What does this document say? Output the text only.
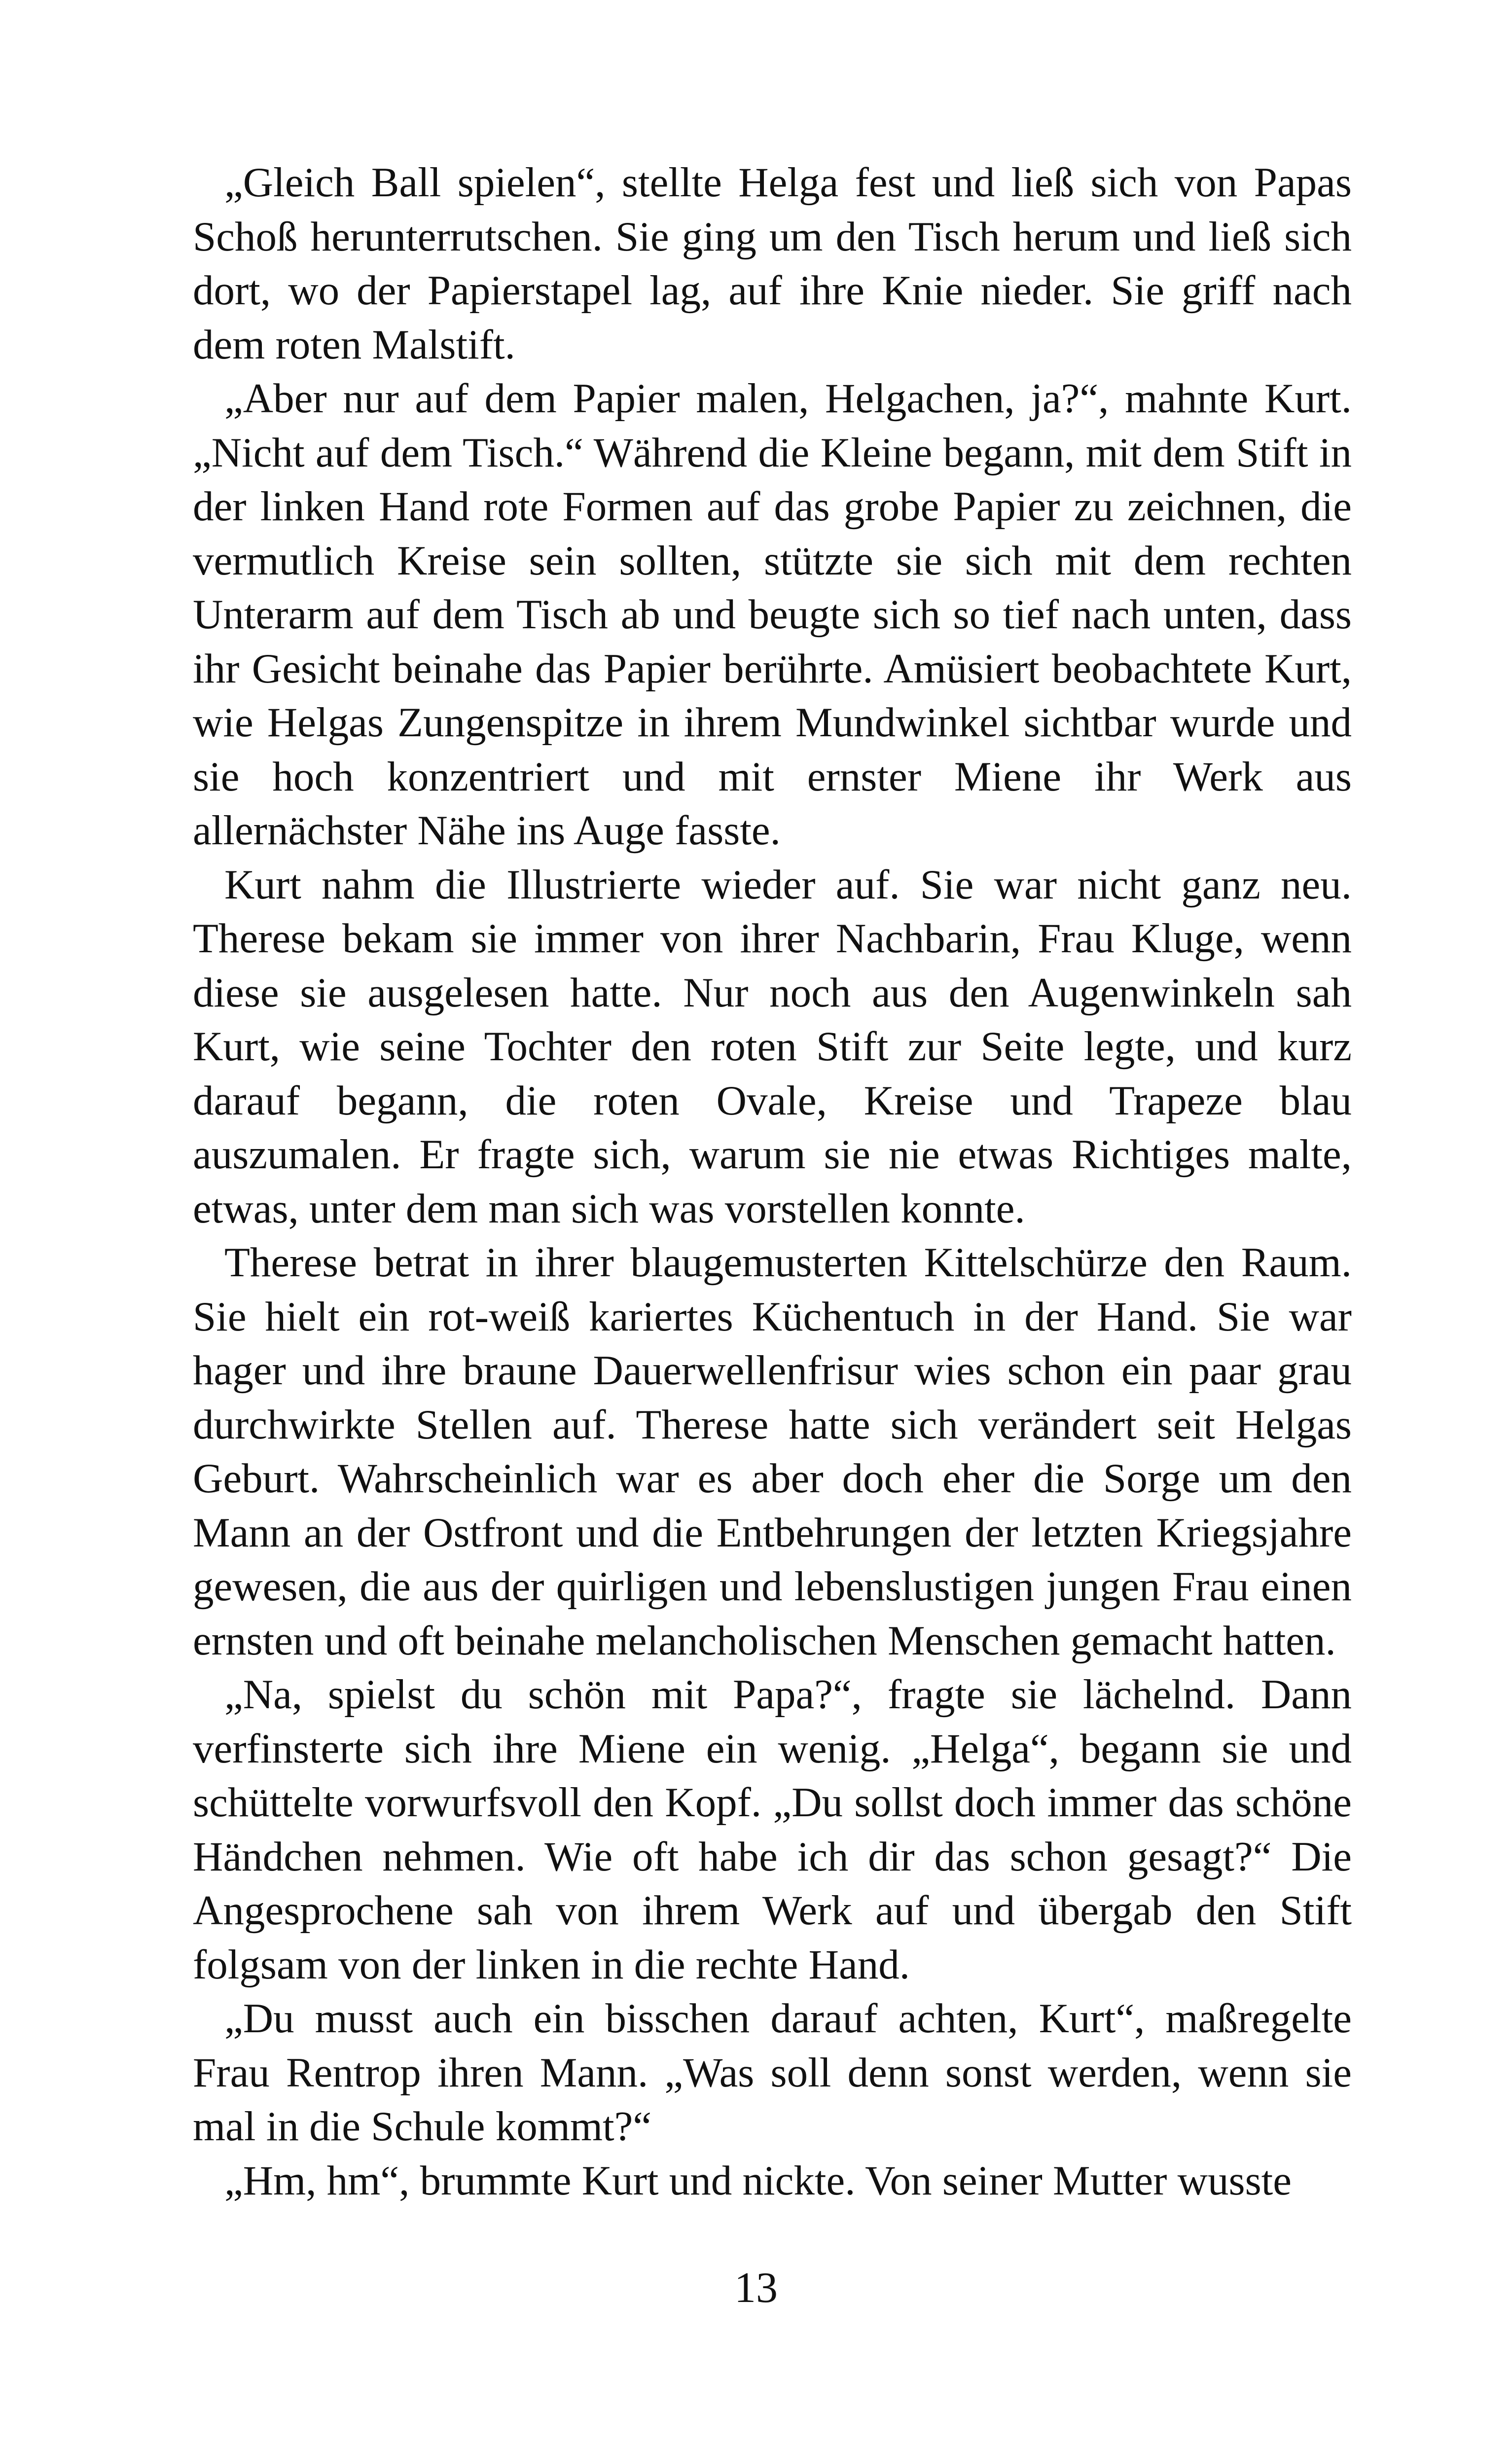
„Gleich Ball spielen“, stellte Helga fest und ließ sich von Papas Schoß herunterrutschen. Sie ging um den Tisch herum und ließ sich dort, wo der Papierstapel lag, auf ihre Knie nieder. Sie griff nach dem roten Malstift.

„Aber nur auf dem Papier malen, Helgachen, ja?“, mahnte Kurt. „Nicht auf dem Tisch.“ Während die Kleine begann, mit dem Stift in der linken Hand rote Formen auf das grobe Papier zu zeichnen, die vermutlich Kreise sein sollten, stützte sie sich mit dem rechten Unterarm auf dem Tisch ab und beugte sich so tief nach unten, dass ihr Gesicht beinahe das Papier berührte. Amüsiert beobachtete Kurt, wie Helgas Zungenspitze in ihrem Mundwinkel sichtbar wurde und sie hoch konzentriert und mit ernster Miene ihr Werk aus allernächster Nähe ins Auge fasste.

Kurt nahm die Illustrierte wieder auf. Sie war nicht ganz neu. Therese bekam sie immer von ihrer Nachbarin, Frau Kluge, wenn diese sie ausgelesen hatte. Nur noch aus den Augenwinkeln sah Kurt, wie seine Tochter den roten Stift zur Seite legte, und kurz darauf begann, die roten Ovale, Kreise und Trapeze blau auszumalen. Er fragte sich, warum sie nie etwas Richtiges malte, etwas, unter dem man sich was vorstellen konnte.

Therese betrat in ihrer blaugemusterten Kittelschürze den Raum. Sie hielt ein rot-weiß kariertes Küchentuch in der Hand. Sie war hager und ihre braune Dauerwellenfrisur wies schon ein paar grau durchwirkte Stellen auf. Therese hatte sich verändert seit Helgas Geburt. Wahrscheinlich war es aber doch eher die Sorge um den Mann an der Ostfront und die Entbehrungen der letzten Kriegsjahre gewesen, die aus der quirligen und lebenslustigen jungen Frau einen ernsten und oft beinahe melancholischen Menschen gemacht hatten.

„Na, spielst du schön mit Papa?“, fragte sie lächelnd. Dann verfinsterte sich ihre Miene ein wenig. „Helga“, begann sie und schüttelte vorwurfsvoll den Kopf. „Du sollst doch immer das schöne Händchen nehmen. Wie oft habe ich dir das schon gesagt?“ Die Angesprochene sah von ihrem Werk auf und übergab den Stift folgsam von der linken in die rechte Hand.

„Du musst auch ein bisschen darauf achten, Kurt“, maßregelte Frau Rentrop ihren Mann. „Was soll denn sonst werden, wenn sie mal in die Schule kommt?“

„Hm, hm“, brummte Kurt und nickte. Von seiner Mutter wusste

13
